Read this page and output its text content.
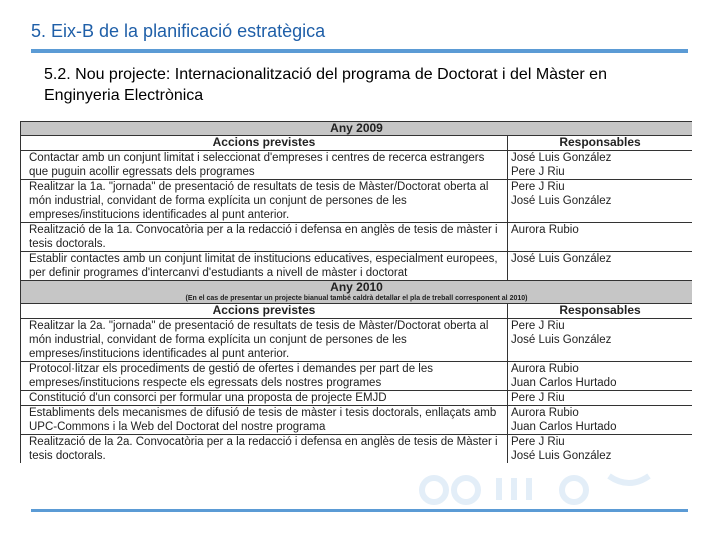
5. Eix-B de la planificació estratègica
5.2. Nou projecte: Internacionalització del programa de Doctorat i del Màster en Enginyeria Electrònica
Any 2009	
Accions previstes	Responsables
Contactar amb un conjunt limitat i seleccionat d'empreses i centres de recerca estrangers que puguin acollir egressats dels programes	José Luis González
Pere J Riu
Realitzar la 1a. "jornada" de presentació de resultats de tesis de Màster/Doctorat oberta al món industrial, convidant de forma explícita un conjunt de persones de les empreses/institucions identificades al punt anterior.	Pere J Riu
José Luis González
Realització de la 1a. Convocatòria per a la redacció i defensa en anglès de tesis de màster i tesis doctorals.	Aurora Rubio
Establir contactes amb un conjunt limitat de institucions educatives, especialment europees, per definir programes d'intercanvi d'estudiants a nivell de màster i doctorat	José Luis González
Any 2010
(En el cas de presentar un projecte bianual també caldrà detallar el pla de treball corresponent al 2010)	

Accions previstes	Responsables
Realitzar la 2a. "jornada" de presentació de resultats de tesis de Màster/Doctorat oberta al món industrial, convidant de forma explícita un conjunt de persones de les empreses/institucions identificades al punt anterior.	Pere J Riu
José Luis González
Protocol·litzar els procediments de gestió de ofertes i demandes per part de les empreses/institucions respecte els egressats dels nostres programes	Aurora Rubio
Juan Carlos Hurtado
Constitució d'un consorci per formular una proposta de projecte EMJD	Pere J Riu
Establiments dels mecanismes de difusió de tesis de màster i tesis doctorals, enllaçats amb UPC-Commons i la Web del Doctorat del nostre programa	Aurora Rubio
Juan Carlos Hurtado
Realització de la 2a. Convocatòria per a la redacció i defensa en anglès de tesis de Màster i tesis doctorals.	Pere J Riu
José Luis González
